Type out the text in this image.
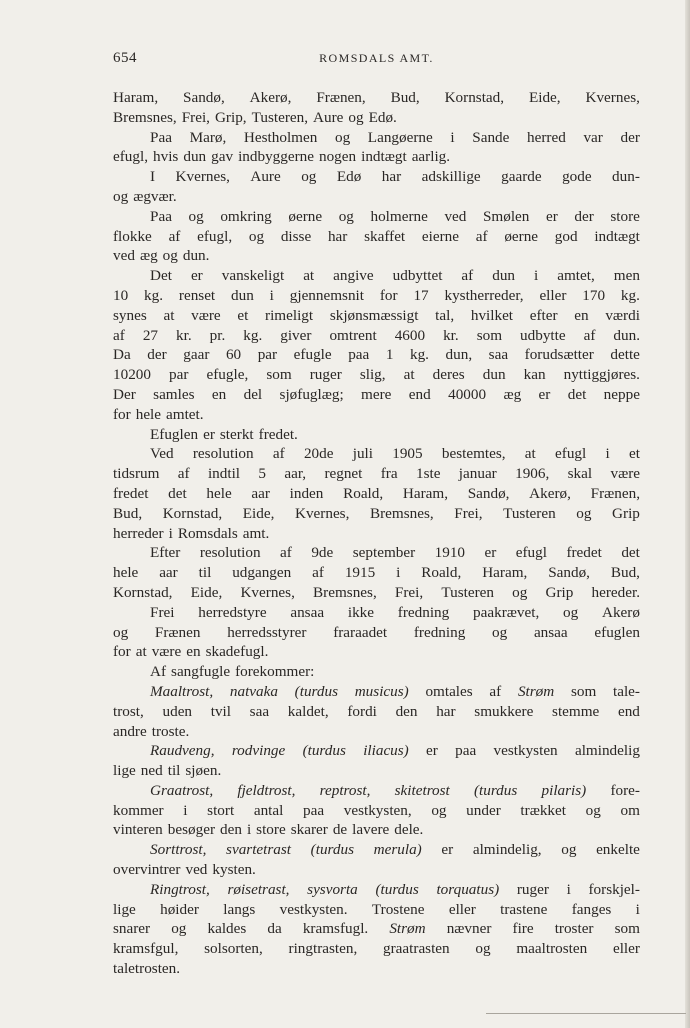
654	ROMSDALS AMT.
Haram, Sandø, Akerø, Frænen, Bud, Kornstad, Eide, Kvernes,
Bremsnes, Frei, Grip, Tusteren, Aure og Edø.
Paa Marø, Hestholmen og Langøerne i Sande herred var der
efugl, hvis dun gav indbyggerne nogen indtægt aarlig.
I Kvernes, Aure og Edø har adskillige gaarde gode dun-
og ægvær.
Paa og omkring øerne og holmerne ved Smølen er der store
flokke af efugl, og disse har skaffet eierne af øerne god indtægt
ved æg og dun.
Det er vanskeligt at angive udbyttet af dun i amtet, men
10 kg. renset dun i gjennemsnit for 17 kystherreder, eller 170 kg.
synes at være et rimeligt skjønsmæssigt tal, hvilket efter en værdi
af 27 kr. pr. kg. giver omtrent 4600 kr. som udbytte af dun.
Da der gaar 60 par efugle paa 1 kg. dun, saa forudsætter dette
10200 par efugle, som ruger slig, at deres dun kan nyttiggjøres.
Der samles en del sjøfuglæg; mere end 40000 æg er det neppe
for hele amtet.
Efuglen er sterkt fredet.
Ved resolution af 20de juli 1905 bestemtes, at efugl i et
tidsrum af indtil 5 aar, regnet fra 1ste januar 1906, skal være
fredet det hele aar inden Roald, Haram, Sandø, Akerø, Frænen,
Bud, Kornstad, Eide, Kvernes, Bremsnes, Frei, Tusteren og Grip
herreder i Romsdals amt.
Efter resolution af 9de september 1910 er efugl fredet det
hele aar til udgangen af 1915 i Roald, Haram, Sandø, Bud,
Kornstad, Eide, Kvernes, Bremsnes, Frei, Tusteren og Grip hereder.
Frei herredstyre ansaa ikke fredning paakrævet, og Akerø
og Frænen herredsstyrer fraraadet fredning og ansaa efuglen
for at være en skadefugl.
Af sangfugle forekommer:
Maaltrost, natvaka (turdus musicus) omtales af Strøm som tale-
trost, uden tvil saa kaldet, fordi den har smukkere stemme end
andre troste.
Raudveng, rodvinge (turdus iliacus) er paa vestkysten almindelig
lige ned til sjøen.
Graatrost, fjeldtrost, reptrost, skitetrost (turdus pilaris) fore-
kommer i stort antal paa vestkysten, og under trækket og om
vinteren besøger den i store skarer de lavere dele.
Sorttrost, svartetrast (turdus merula) er almindelig, og enkelte
overvintrer ved kysten.
Ringtrost, røisetrast, sysvorta (turdus torquatus) ruger i forskjel-
lige høider langs vestkysten. Trostene eller trastene fanges i
snarer og kaldes da kramsfugl. Strøm nævner fire troster som
kramsfgul, solsorten, ringtrasten, graatrasten og maaltrosten eller
taletrosten.
